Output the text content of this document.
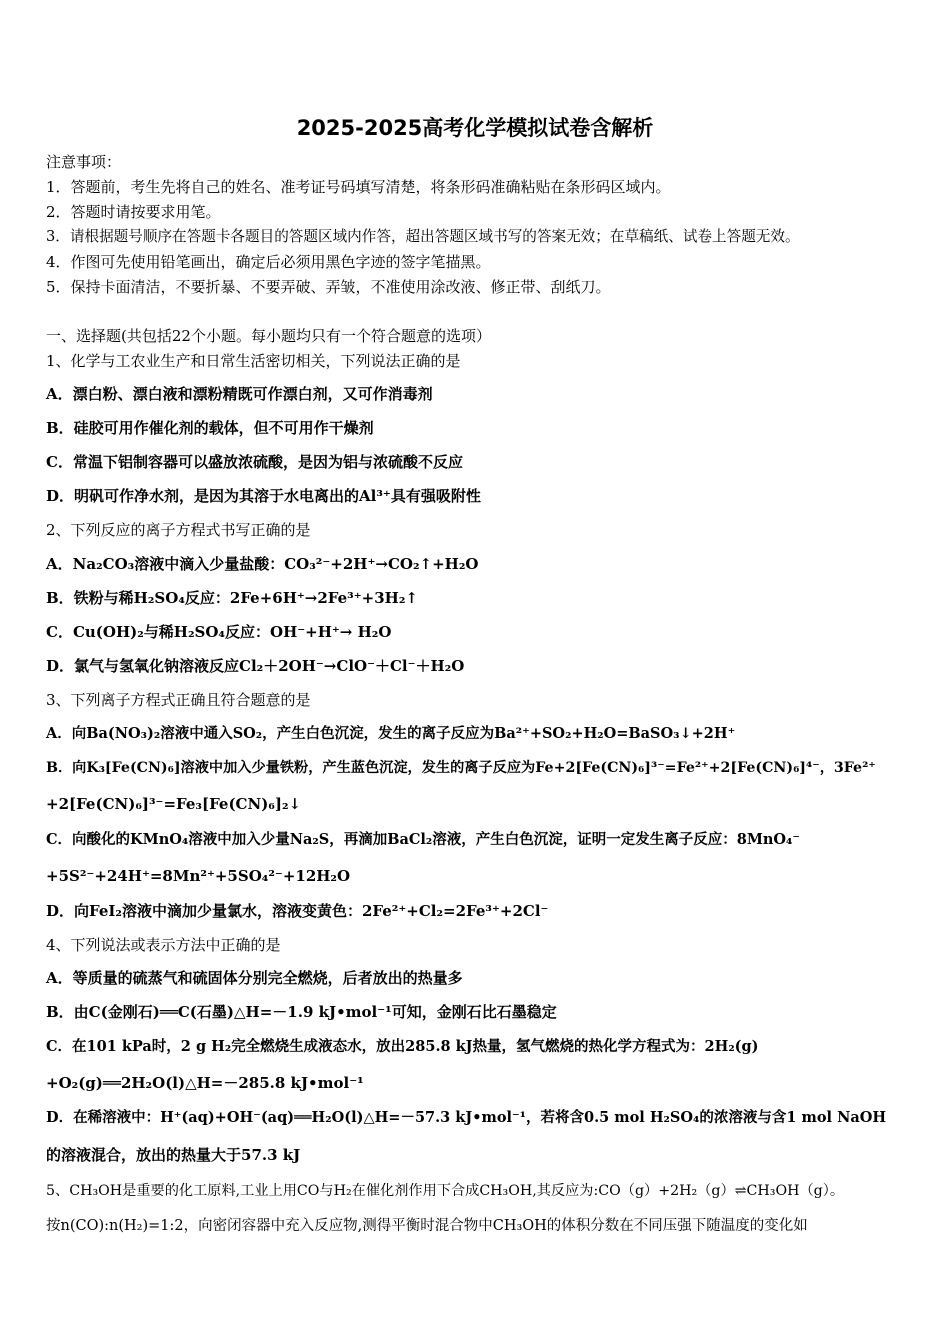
2025-2025高考化学模拟试卷含解析
注意事项：
1．答题前，考生先将自己的姓名、准考证号码填写清楚，将条形码准确粘贴在条形码区域内。
2．答题时请按要求用笔。
3．请根据题号顺序在答题卡各题目的答题区域内作答，超出答题区域书写的答案无效；在草稿纸、试卷上答题无效。
4．作图可先使用铅笔画出，确定后必须用黑色字迹的签字笔描黑。
5．保持卡面清洁，不要折暴、不要弄破、弄皱，不准使用涂改液、修正带、刮纸刀。
一、选择题(共包括22个小题。每小题均只有一个符合题意的选项）
1、化学与工农业生产和日常生活密切相关，下列说法正确的是
A．漂白粉、漂白液和漂粉精既可作漂白剂，又可作消毒剂
B．硅胶可用作催化剂的载体，但不可用作干燥剂
C．常温下铝制容器可以盛放浓硫酸，是因为铝与浓硫酸不反应
D．明矾可作净水剂，是因为其溶于水电离出的Al³⁺具有强吸附性
2、下列反应的离子方程式书写正确的是
A．Na₂CO₃溶液中滴入少量盐酸：CO₃²⁻+2H⁺→CO₂↑+H₂O
B．铁粉与稀H₂SO₄反应：2Fe+6H⁺→2Fe³⁺+3H₂↑
C．Cu(OH)₂与稀H₂SO₄反应：OH⁻+H⁺→ H₂O
D．氯气与氢氧化钠溶液反应Cl₂＋2OH⁻→ClO⁻＋Cl⁻＋H₂O
3、下列离子方程式正确且符合题意的是
A．向Ba(NO₃)₂溶液中通入SO₂，产生白色沉淀，发生的离子反应为Ba²⁺+SO₂+H₂O=BaSO₃↓+2H⁺
B．向K₃[Fe(CN)₆]溶液中加入少量铁粉，产生蓝色沉淀，发生的离子反应为Fe+2[Fe(CN)₆]³⁻=Fe²⁺+2[Fe(CN)₆]⁴⁻，3Fe²⁺
+2[Fe(CN)₆]³⁻=Fe₃[Fe(CN)₆]₂↓
C．向酸化的KMnO₄溶液中加入少量Na₂S，再滴加BaCl₂溶液，产生白色沉淀，证明一定发生离子反应：8MnO₄⁻
+5S²⁻+24H⁺=8Mn²⁺+5SO₄²⁻+12H₂O
D．向FeI₂溶液中滴加少量氯水，溶液变黄色：2Fe²⁺+Cl₂=2Fe³⁺+2Cl⁻
4、下列说法或表示方法中正确的是
A．等质量的硫蒸气和硫固体分别完全燃烧，后者放出的热量多
B．由C(金刚石)══C(石墨)△H=－1.9 kJ•mol⁻¹可知，金刚石比石墨稳定
C．在101 kPa时，2 g H₂完全燃烧生成液态水，放出285.8 kJ热量，氢气燃烧的热化学方程式为：2H₂(g)
+O₂(g)══2H₂O(l)△H=－285.8 kJ•mol⁻¹
D．在稀溶液中：H⁺(aq)+OH⁻(aq)══H₂O(l)△H=－57.3 kJ•mol⁻¹，若将含0.5 mol H₂SO₄的浓溶液与含1 mol NaOH
的溶液混合，放出的热量大于57.3 kJ
5、CH₃OH是重要的化工原料,工业上用CO与H₂在催化剂作用下合成CH₃OH,其反应为:CO（g）+2H₂（g）⇌CH₃OH（g）。
按n(CO):n(H₂)=1:2，向密闭容器中充入反应物,测得平衡时混合物中CH₃OH的体积分数在不同压强下随温度的变化如
